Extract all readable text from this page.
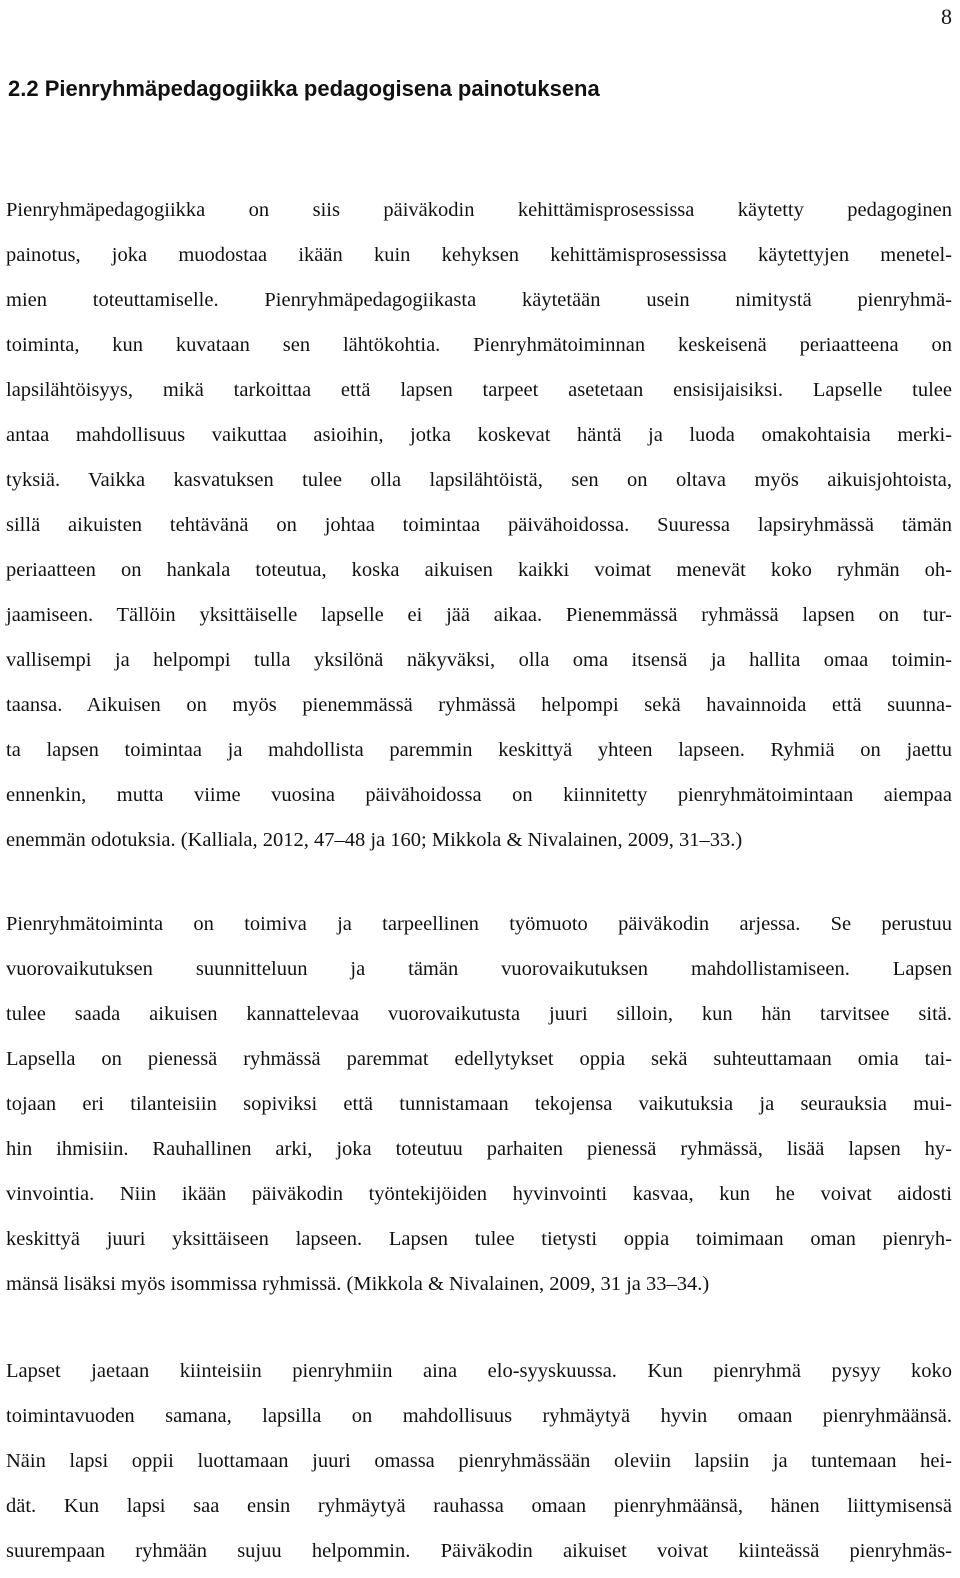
8
2.2 Pienryhmäpedagogiikka pedagogisena painotuksena
Pienryhmäpedagogiikka on siis päiväkodin kehittämisprosessissa käytetty pedagoginen
painotus, joka muodostaa ikään kuin kehyksen kehittämisprosessissa käytettyjen menetel-
mien toteuttamiselle. Pienryhmäpedagogiikasta käytetään usein nimitystä pienryhmä-
toiminta, kun kuvataan sen lähtökohtia. Pienryhmätoiminnan keskeisenä periaatteena on
lapsilähtöisyys, mikä tarkoittaa että lapsen tarpeet asetetaan ensisijaisiksi. Lapselle tulee
antaa mahdollisuus vaikuttaa asioihin, jotka koskevat häntä ja luoda omakohtaisia merki-
tyksiä. Vaikka kasvatuksen tulee olla lapsilähtöistä, sen on oltava myös aikuisjohtoista,
sillä aikuisten tehtävänä on johtaa toimintaa päivähoidossa. Suuressa lapsiryhmässä tämän
periaatteen on hankala toteutua, koska aikuisen kaikki voimat menevät koko ryhmän oh-
jaamiseen. Tällöin yksittäiselle lapselle ei jää aikaa. Pienemmässä ryhmässä lapsen on tur-
vallisempi ja helpompi tulla yksilönä näkyväksi, olla oma itsensä ja hallita omaa toimin-
taansa. Aikuisen on myös pienemmässä ryhmässä helpompi sekä havainnoida että suunna-
ta lapsen toimintaa ja mahdollista paremmin keskittyä yhteen lapseen. Ryhmiä on jaettu
ennenkin, mutta viime vuosina päivähoidossa on kiinnitetty pienryhmätoimintaan aiempaa
enemmän odotuksia. (Kalliala, 2012, 47–48 ja 160; Mikkola & Nivalainen, 2009, 31–33.)
Pienryhmätoiminta on toimiva ja tarpeellinen työmuoto päiväkodin arjessa. Se perustuu
vuorovaikutuksen suunnitteluun ja tämän vuorovaikutuksen mahdollistamiseen. Lapsen
tulee saada aikuisen kannattelevaa vuorovaikutusta juuri silloin, kun hän tarvitsee sitä.
Lapsella on pienessä ryhmässä paremmat edellytykset oppia sekä suhteuttamaan omia tai-
tojaan eri tilanteisiin sopiviksi että tunnistamaan tekojensa vaikutuksia ja seurauksia mui-
hin ihmisiin. Rauhallinen arki, joka toteutuu parhaiten pienessä ryhmässä, lisää lapsen hy-
vinvointia. Niin ikään päiväkodin työntekijöiden hyvinvointi kasvaa, kun he voivat aidosti
keskittyä juuri yksittäiseen lapseen. Lapsen tulee tietysti oppia toimimaan oman pienryh-
mänsä lisäksi myös isommissa ryhmissä. (Mikkola & Nivalainen, 2009, 31 ja 33–34.)
Lapset jaetaan kiinteisiin pienryhmiin aina elo-syyskuussa. Kun pienryhmä pysyy koko
toimintavuoden samana, lapsilla on mahdollisuus ryhmäytyä hyvin omaan pienryhmäänsä.
Näin lapsi oppii luottamaan juuri omassa pienryhmässään oleviin lapsiin ja tuntemaan hei-
dät. Kun lapsi saa ensin ryhmäytyä rauhassa omaan pienryhmäänsä, hänen liittymisensä
suurempaan ryhmään sujuu helpommin. Päiväkodin aikuiset voivat kiinteässä pienryhmäs-
